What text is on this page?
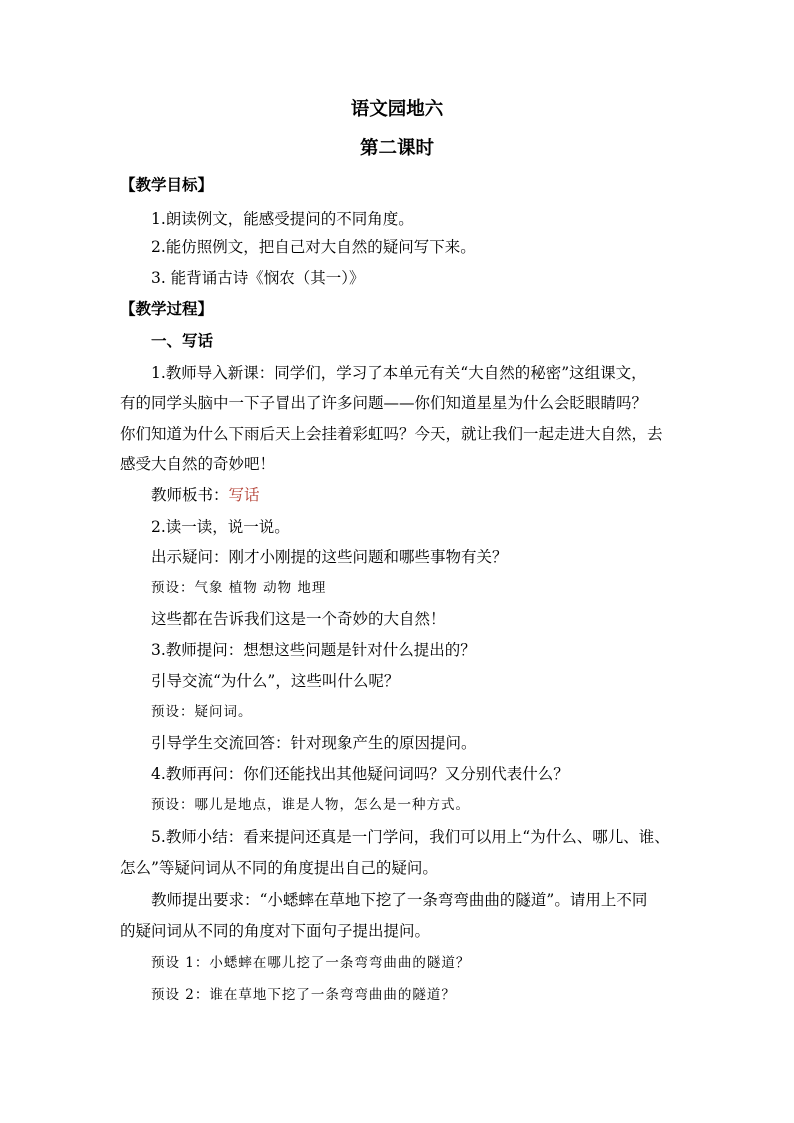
语文园地六
第二课时
【教学目标】
1.朗读例文，能感受提问的不同角度。
2.能仿照例文，把自己对大自然的疑问写下来。
3. 能背诵古诗《悯农（其一）》
【教学过程】
一、写话
1.教师导入新课：同学们，学习了本单元有关“大自然的秘密”这组课文，
有的同学头脑中一下子冒出了许多问题——你们知道星星为什么会眨眼睛吗？
你们知道为什么下雨后天上会挂着彩虹吗？今天，就让我们一起走进大自然，去
感受大自然的奇妙吧！
教师板书：写话
2.读一读，说一说。
出示疑问：刚才小刚提的这些问题和哪些事物有关？
预设：气象 植物 动物 地理
这些都在告诉我们这是一个奇妙的大自然！
3.教师提问：想想这些问题是针对什么提出的？
引导交流“为什么”，这些叫什么呢？
预设：疑问词。
引导学生交流回答：针对现象产生的原因提问。
4.教师再问：你们还能找出其他疑问词吗？又分别代表什么？
预设：哪儿是地点，谁是人物，怎么是一种方式。
5.教师小结：看来提问还真是一门学问，我们可以用上“为什么、哪儿、谁、
怎么”等疑问词从不同的角度提出自己的疑问。
教师提出要求：“小蟋蟀在草地下挖了一条弯弯曲曲的隧道”。请用上不同
的疑问词从不同的角度对下面句子提出提问。
预设 1：小蟋蟀在哪儿挖了一条弯弯曲曲的隧道？
预设 2：谁在草地下挖了一条弯弯曲曲的隧道？
